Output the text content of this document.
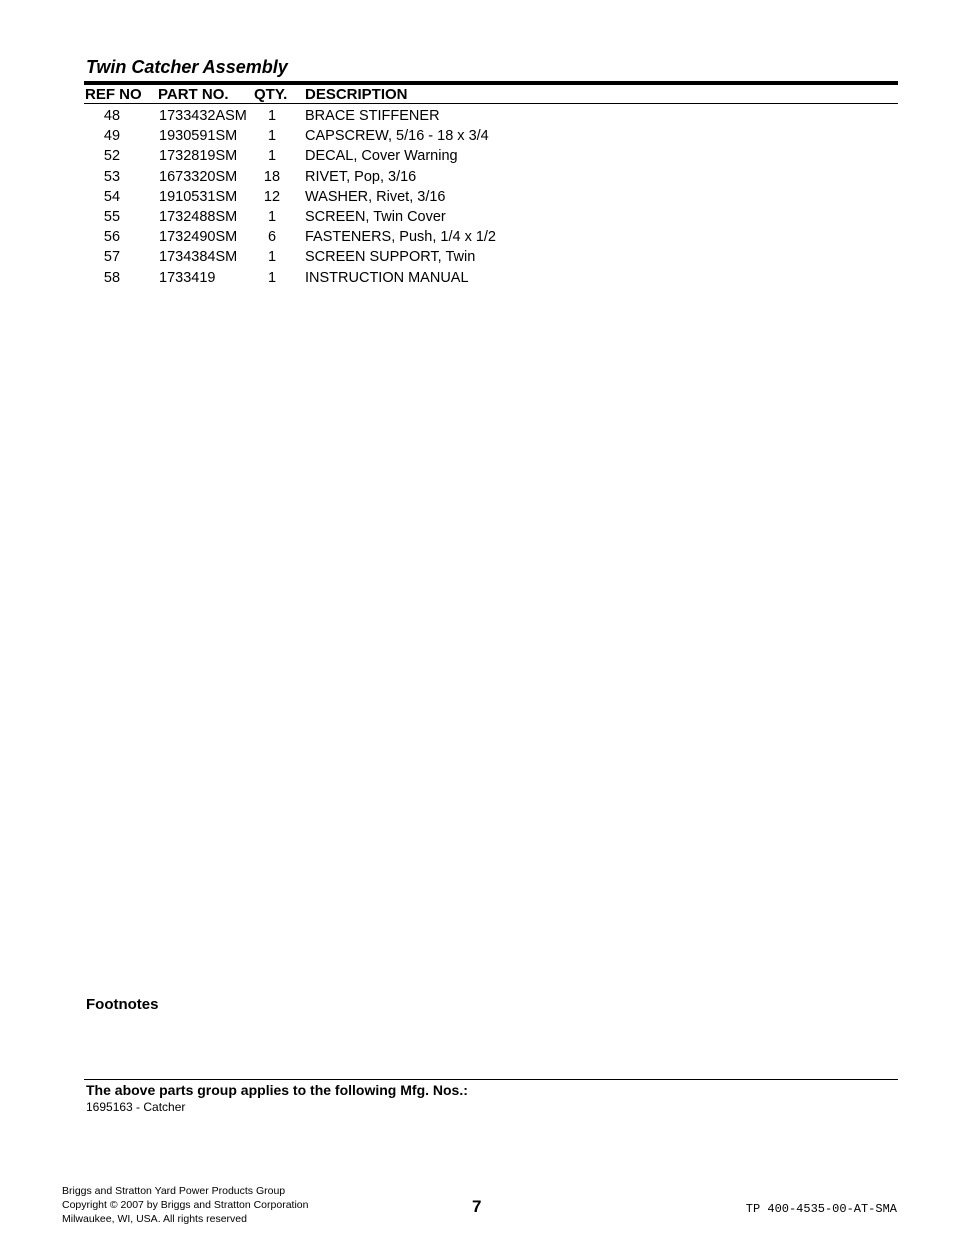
Twin Catcher Assembly
REF NO PART NO. QTY. DESCRIPTION
48	1733432ASM	1	BRACE STIFFENER
49	1930591SM	1	CAPSCREW, 5/16 - 18 x 3/4
52	1732819SM	1	DECAL, Cover Warning
53	1673320SM 18 RIVET, Pop, 3/16
54	1910531SM 12 WASHER, Rivet, 3/16
55	1732488SM	1	SCREEN, Twin Cover
56	1732490SM	6	FASTENERS, Push, 1/4 x 1/2
57	1734384SM	1	SCREEN SUPPORT, Twin
58	1733419	1	INSTRUCTION MANUAL
Footnotes
The above parts group applies to the following Mfg. Nos.:
1695163 - Catcher
Briggs and Stratton Yard Power Products Group
Copyright © 2007 by Briggs and Stratton Corporation
Milwaukee, WI, USA. All rights reserved
7	TP 400-4535-00-AT-SMA
